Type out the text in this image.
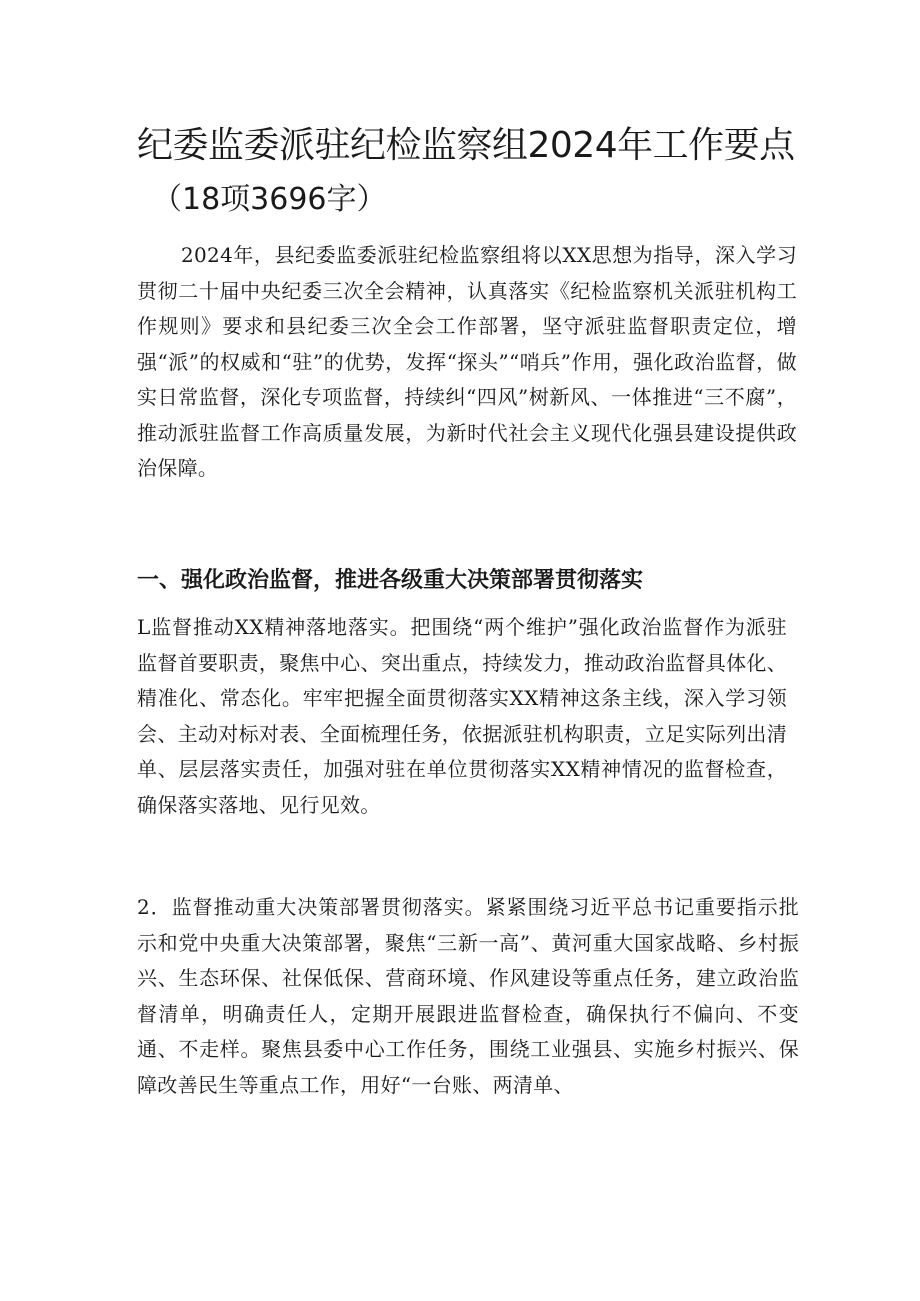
纪委监委派驻纪检监察组2024年工作要点
（18项3696字）

2024年，县纪委监委派驻纪检监察组将以XX思想为指导，深入学习贯彻二十届中央纪委三次全会精神，认真落实《纪检监察机关派驻机构工作规则》要求和县纪委三次全会工作部署，坚守派驻监督职责定位，增强“派”的权威和“驻”的优势，发挥“探头”“哨兵”作用，强化政治监督，做实日常监督，深化专项监督，持续纠“四风”树新风、一体推进“三不腐”，推动派驻监督工作高质量发展，为新时代社会主义现代化强县建设提供政治保障。

一、强化政治监督，推进各级重大决策部署贯彻落实

L监督推动XX精神落地落实。把围绕“两个维护”强化政治监督作为派驻监督首要职责，聚焦中心、突出重点，持续发力，推动政治监督具体化、精准化、常态化。牢牢把握全面贯彻落实XX精神这条主线，深入学习领会、主动对标对表、全面梳理任务，依据派驻机构职责，立足实际列出清单、层层落实责任，加强对驻在单位贯彻落实XX精神情况的监督检查，确保落实落地、见行见效。

2．监督推动重大决策部署贯彻落实。紧紧围绕习近平总书记重要指示批示和党中央重大决策部署，聚焦“三新一高”、黄河重大国家战略、乡村振兴、生态环保、社保低保、营商环境、作风建设等重点任务，建立政治监督清单，明确责任人，定期开展跟进监督检查，确保执行不偏向、不变通、不走样。聚焦县委中心工作任务，围绕工业强县、实施乡村振兴、保障改善民生等重点工作，用好“一台账、两清单、
